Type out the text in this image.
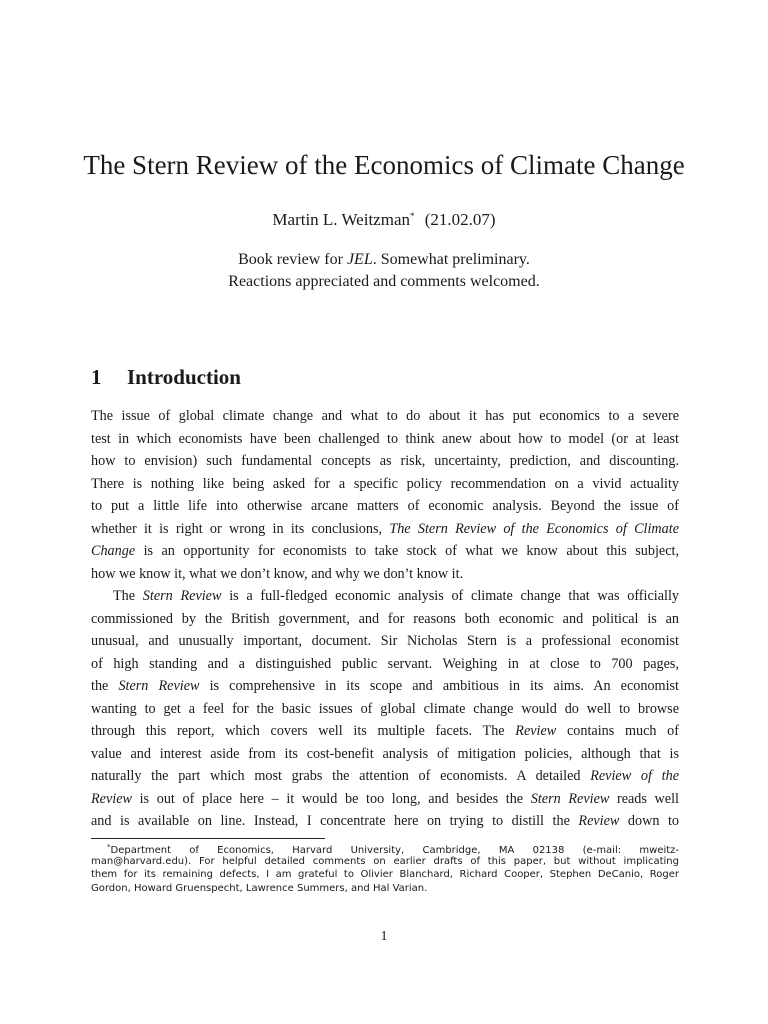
The Stern Review of the Economics of Climate Change
Martin L. Weitzman* (21.02.07)
Book review for JEL. Somewhat preliminary.
Reactions appreciated and comments welcomed.
1 Introduction
The issue of global climate change and what to do about it has put economics to a severe
test in which economists have been challenged to think anew about how to model (or at least
how to envision) such fundamental concepts as risk, uncertainty, prediction, and discounting.
There is nothing like being asked for a specific policy recommendation on a vivid actuality
to put a little life into otherwise arcane matters of economic analysis. Beyond the issue of
whether it is right or wrong in its conclusions, The Stern Review of the Economics of Climate
Change is an opportunity for economists to take stock of what we know about this subject,
how we know it, what we don’t know, and why we don’t know it.
The Stern Review is a full-fledged economic analysis of climate change that was officially
commissioned by the British government, and for reasons both economic and political is an
unusual, and unusually important, document. Sir Nicholas Stern is a professional economist
of high standing and a distinguished public servant. Weighing in at close to 700 pages,
the Stern Review is comprehensive in its scope and ambitious in its aims. An economist
wanting to get a feel for the basic issues of global climate change would do well to browse
through this report, which covers well its multiple facets. The Review contains much of
value and interest aside from its cost-benefit analysis of mitigation policies, although that is
naturally the part which most grabs the attention of economists. A detailed Review of the
Review is out of place here – it would be too long, and besides the Stern Review reads well
and is available on line. Instead, I concentrate here on trying to distill the Review down to
*Department of Economics, Harvard University, Cambridge, MA 02138 (e-mail: mweitz-
man@harvard.edu). For helpful detailed comments on earlier drafts of this paper, but without implicating
them for its remaining defects, I am grateful to Olivier Blanchard, Richard Cooper, Stephen DeCanio, Roger
Gordon, Howard Gruenspecht, Lawrence Summers, and Hal Varian.
1
